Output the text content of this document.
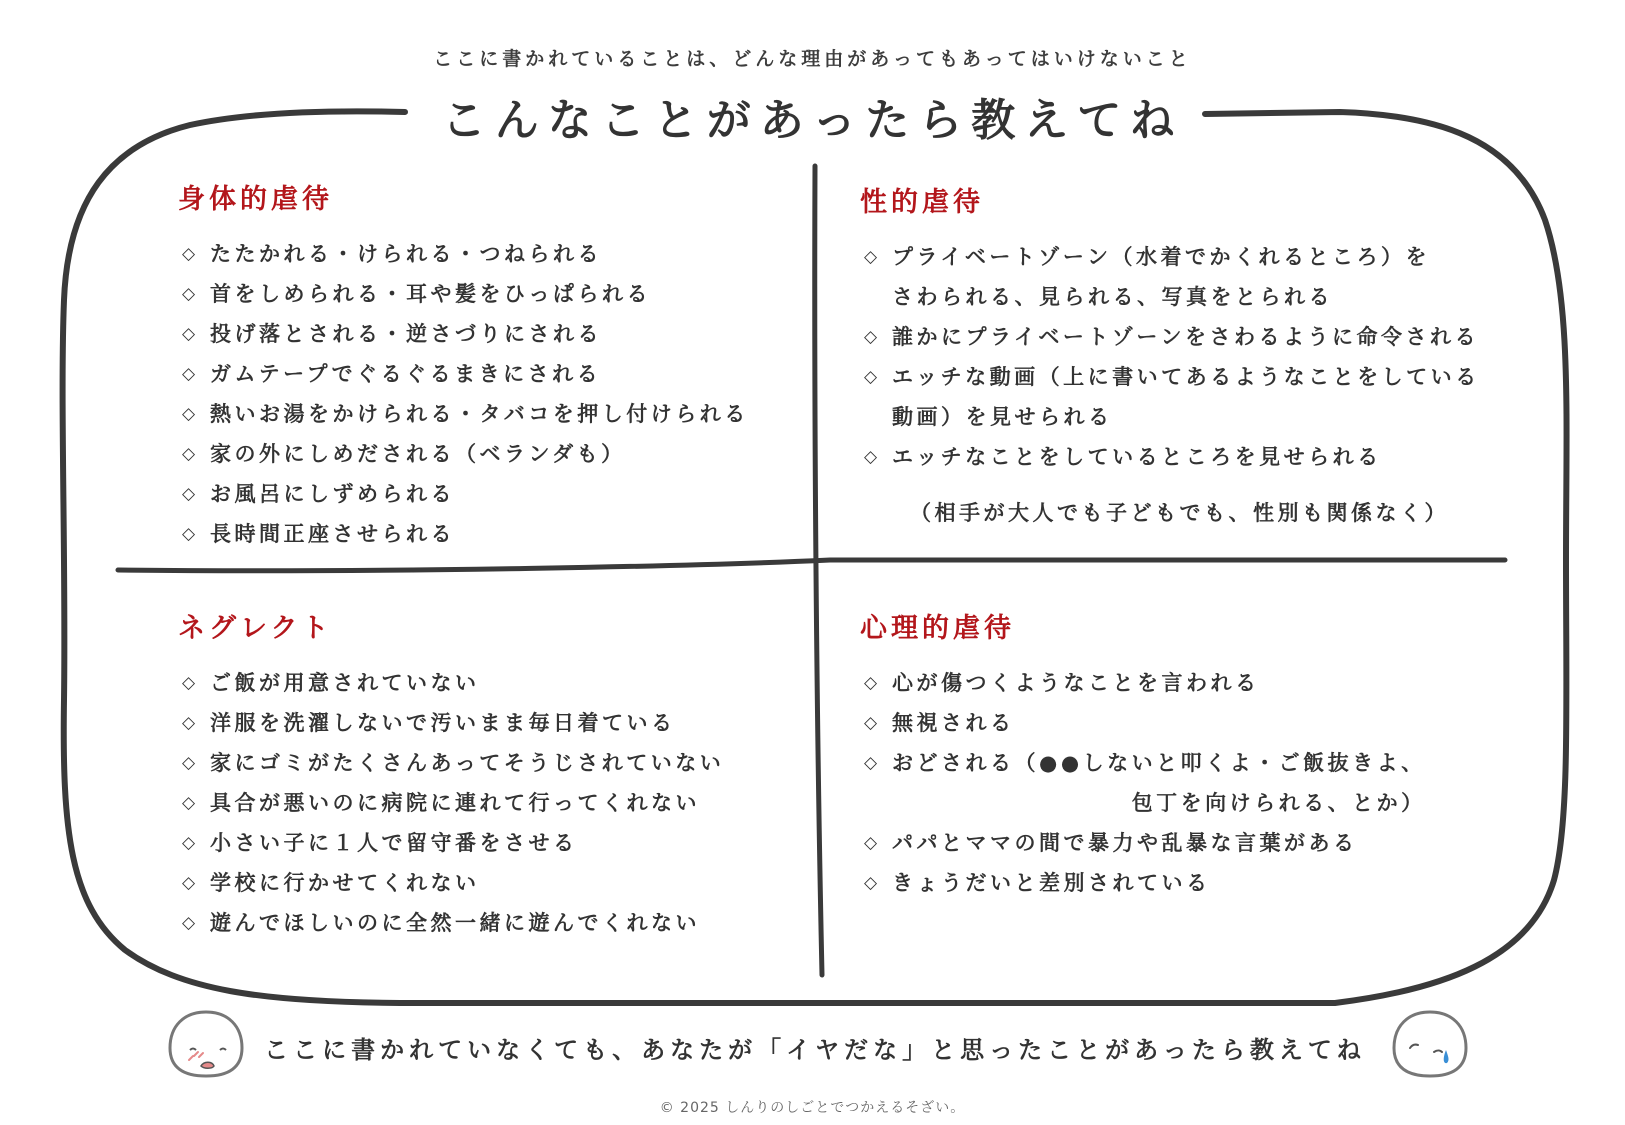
ここに書かれていることは、どんな理由があってもあってはいけないこと
こんなことがあったら教えてね
身体的虐待
◇ たたかれる・けられる・つねられる
◇ 首をしめられる・耳や髪をひっぱられる
◇ 投げ落とされる・逆さづりにされる
◇ ガムテープでぐるぐるまきにされる
◇ 熱いお湯をかけられる・タバコを押し付けられる
◇ 家の外にしめだされる（ベランダも）
◇ お風呂にしずめられる
◇ 長時間正座させられる
性的虐待
◇ プライベートゾーン（水着でかくれるところ）を
さわられる、見られる、写真をとられる
◇ 誰かにプライベートゾーンをさわるように命令される
◇ エッチな動画（上に書いてあるようなことをしている
動画）を見せられる
◇ エッチなことをしているところを見せられる
（相手が大人でも子どもでも、性別も関係なく）
ネグレクト
◇ ご飯が用意されていない
◇ 洋服を洗濯しないで汚いまま毎日着ている
◇ 家にゴミがたくさんあってそうじされていない
◇ 具合が悪いのに病院に連れて行ってくれない
◇ 小さい子に１人で留守番をさせる
◇ 学校に行かせてくれない
◇ 遊んでほしいのに全然一緒に遊んでくれない
心理的虐待
◇ 心が傷つくようなことを言われる
◇ 無視される
◇ おどされる（●●しないと叩くよ・ご飯抜きよ、
包丁を向けられる、とか）
◇ パパとママの間で暴力や乱暴な言葉がある
◇ きょうだいと差別されている
ここに書かれていなくても、あなたが「イヤだな」と思ったことがあったら教えてね
© 2025 しんりのしごとでつかえるそざい。
